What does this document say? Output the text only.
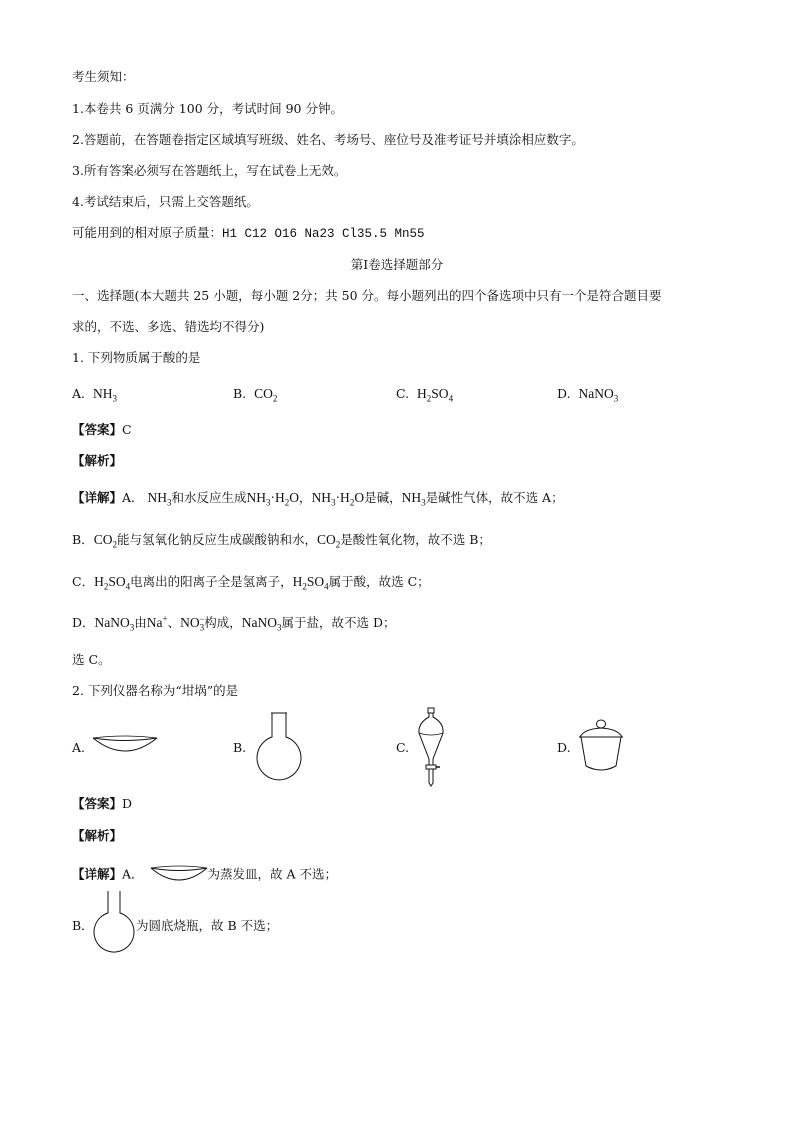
考生须知：
1.本卷共 6 页满分 100 分，考试时间 90 分钟。
2.答题前，在答题卷指定区域填写班级、姓名、考场号、座位号及准考证号并填涂相应数字。
3.所有答案必须写在答题纸上，写在试卷上无效。
4.考试结束后，只需上交答题纸。
可能用到的相对原子质量：H1 C12 O16 Na23 Cl35.5 Mn55
第Ⅰ卷选择题部分
一、选择题(本大题共 25 小题，每小题 2分；共 50 分。每小题列出的四个备选项中只有一个是符合题目要
求的，不选、多选、错选均不得分)
1. 下列物质属于酸的是
A. $NH_3$	B. $CO_2$	C. $H_2SO_4$	D. NaNO$_3$
【答案】C
【解析】
【详解】A． $NH_3$和水反应生成$NH_3\cdot H_2O$，$NH_3\cdot H_2O$是碱，$NH_3$是碱性气体，故不选 A；
B．$CO_2$能与氢氧化钠反应生成碳酸钠和水，$CO_2$是酸性氧化物，故不选 B；
C．$H_2SO_4$电离出的阳离子全是氢离子，$H_2SO_4$属于酸，故选 C；
D．NaNO$_3$由Na+、$NO_3^-$构成，NaNO$_3$属于盐，故不选 D；
选 C。
2. 下列仪器名称为“坩埚”的是
A.	B.	C.	D.
【答案】D
【解析】
【详解】A．	为蒸发皿，故 A 不选；
B．	为圆底烧瓶，故 B 不选；
